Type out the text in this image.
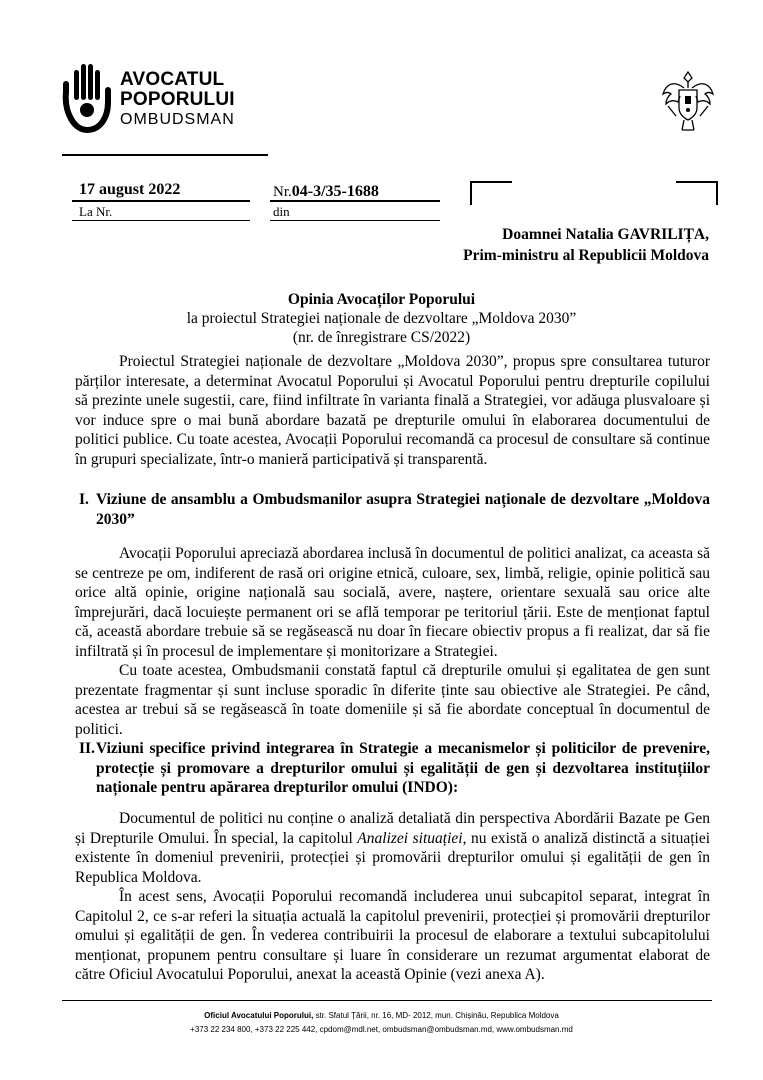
AVOCATUL
POPORULUI
OMBUDSMAN
17 august 2022
La Nr.
Nr.04-3/35-1688
din
Doamnei Natalia GAVRILIȚA,
Prim-ministru al Republicii Moldova
Opinia Avocaților Poporului
la proiectul Strategiei naționale de dezvoltare „Moldova 2030”
(nr. de înregistrare CS/2022)

Proiectul Strategiei naționale de dezvoltare „Moldova 2030”, propus spre consultarea tuturor părților interesate, a determinat Avocatul Poporului și Avocatul Poporului pentru drepturile copilului să prezinte unele sugestii, care, fiind infiltrate în varianta finală a Strategiei, vor adăuga plusvaloare și vor induce spre o mai bună abordare bazată pe drepturile omului în elaborarea documentului de politici publice. Cu toate acestea, Avocații Poporului recomandă ca procesul de consultare să continue în grupuri specializate, într-o manieră participativă și transparentă.

I. Viziune de ansamblu a Ombudsmanilor asupra Strategiei naționale de dezvoltare „Moldova 2030”

Avocații Poporului apreciază abordarea inclusă în documentul de politici analizat, ca aceasta să se centreze pe om, indiferent de rasă ori origine etnică, culoare, sex, limbă, religie, opinie politică sau orice altă opinie, origine națională sau socială, avere, naștere, orientare sexuală sau orice alte împrejurări, dacă locuiește permanent ori se află temporar pe teritoriul țării. Este de menționat faptul că, această abordare trebuie să se regăsească nu doar în fiecare obiectiv propus a fi realizat, dar să fie infiltrată și în procesul de implementare și monitorizare a Strategiei.

Cu toate acestea, Ombudsmanii constată faptul că drepturile omului și egalitatea de gen sunt prezentate fragmentar și sunt incluse sporadic în diferite ținte sau obiective ale Strategiei. Pe când, acestea ar trebui să se regăsească în toate domeniile și să fie abordate conceptual în documentul de politici.

II. Viziuni specifice privind integrarea în Strategie a mecanismelor și politicilor de prevenire, protecție și promovare a drepturilor omului și egalității de gen și dezvoltarea instituțiilor naționale pentru apărarea drepturilor omului (INDO):

Documentul de politici nu conține o analiză detaliată din perspectiva Abordării Bazate pe Gen și Drepturile Omului. În special, la capitolul Analizei situației, nu există o analiză distinctă a situației existente în domeniul prevenirii, protecției și promovării drepturilor omului și egalității de gen în Republica Moldova.

În acest sens, Avocații Poporului recomandă includerea unui subcapitol separat, integrat în Capitolul 2, ce s-ar referi la situația actuală la capitolul prevenirii, protecției și promovării drepturilor omului și egalității de gen. În vederea contribuirii la procesul de elaborare a textului subcapitolului menționat, propunem pentru consultare și luare în considerare un rezumat argumentat elaborat de către Oficiul Avocatului Poporului, anexat la această Opinie (vezi anexa A).

Oficiul Avocatului Poporului, str. Sfatul Țării, nr. 16, MD- 2012, mun. Chișinău, Republica Moldova
+373 22 234 800, +373 22 225 442, cpdom@mdl.net, ombudsman@ombudsman.md, www.ombudsman.md
